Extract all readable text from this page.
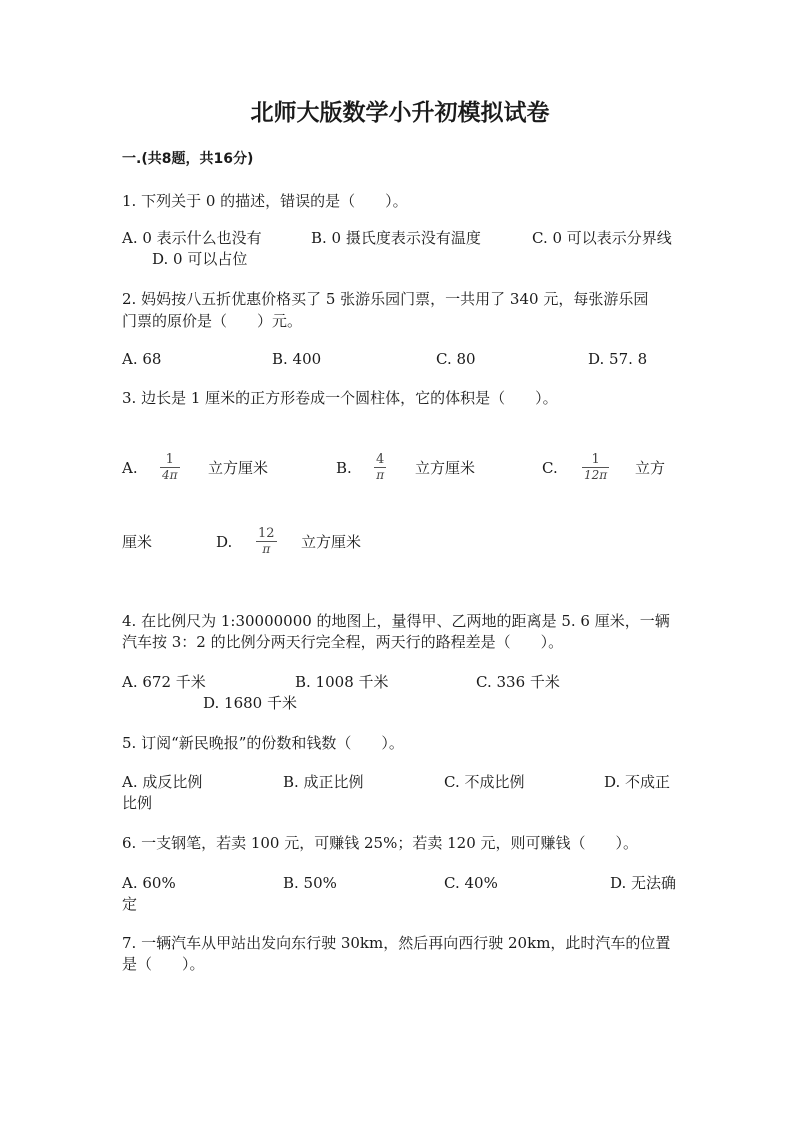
北师大版数学小升初模拟试卷
一.(共8题，共16分)
1. 下列关于 0 的描述，错误的是（　　）。
A. 0 表示什么也没有	B. 0 摄氏度表示没有温度	C. 0 可以表示分界线
D. 0 可以占位
2. 妈妈按八五折优惠价格买了 5 张游乐园门票，一共用了 340 元，每张游乐园
门票的原价是（　　）元。
A. 68	B. 400	C. 80	D. 57. 8
3. 边长是 1 厘米的正方形卷成一个圆柱体，它的体积是（　　）。
A. 1
4π 立方厘米	B. 4
π 立方厘米	C.	1
12π 立方
厘米	D. 12
π 立方厘米
4. 在比例尺为 1:30000000 的地图上，量得甲、乙两地的距离是 5. 6 厘米，一辆
汽车按 3：2 的比例分两天行完全程，两天行的路程差是（　　）。
A. 672 千米	B. 1008 千米	C. 336 千米
D. 1680 千米
5. 订阅“新民晚报”的份数和钱数（　　）。
A. 成反比例	B. 成正比例	C. 不成比例	D. 不成正
比例
6. 一支钢笔，若卖 100 元，可赚钱 25%；若卖 120 元，则可赚钱（　　）。
A. 60%	B. 50%	C. 40%	D. 无法确
定
7. 一辆汽车从甲站出发向东行驶 30km，然后再向西行驶 20km，此时汽车的位置
是（　　）。
